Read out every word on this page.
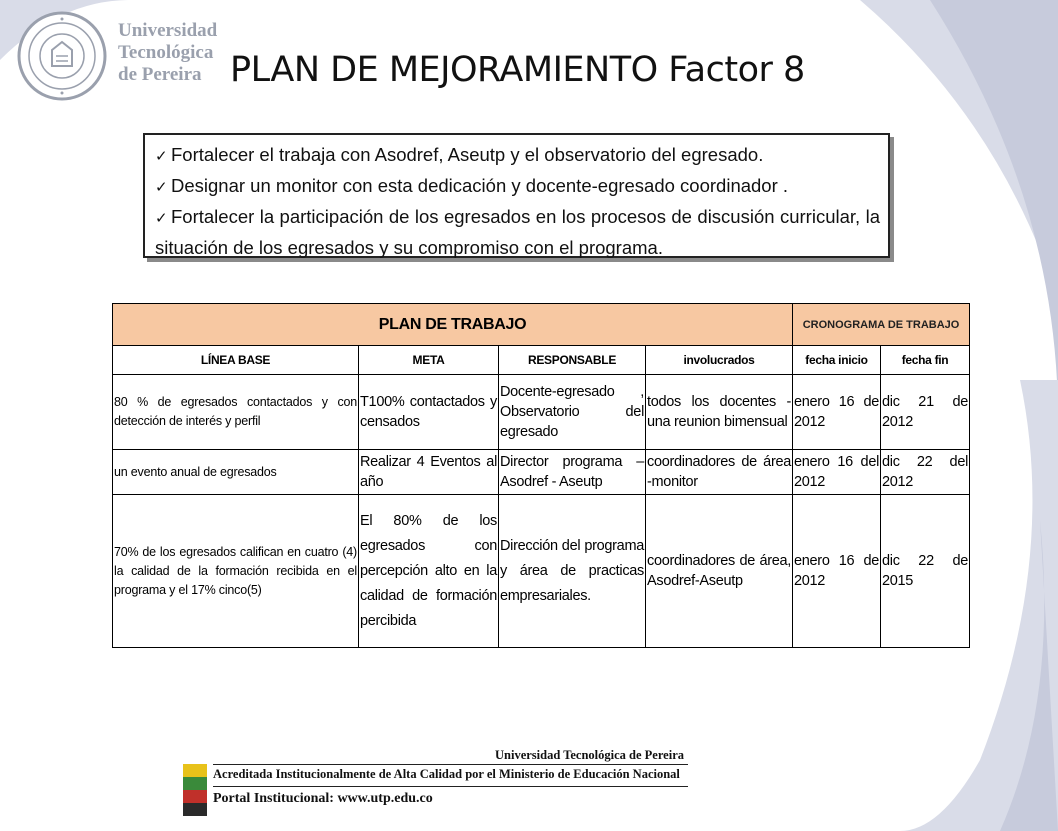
Universidad
Tecnológica
de Pereira PLAN DE MEJORAMIENTO Factor 8
✓ Fortalecer el trabaja con Asodref, Aseutp y el observatorio del egresado.
✓ Designar un monitor con esta dedicación y docente-egresado coordinador .
✓ Fortalecer la participación de los egresados en los procesos de discusión curricular, la situación de los egresados y su compromiso con el programa.
PLAN DE TRABAJO				CRONOGRAMA DE TRABAJO	
LÍNEA BASE	META	RESPONSABLE	involucrados	fecha inicio	fecha fin
80 % de egresados contactados y con detección de interés y perfil	T100% contactados y censados	Docente-egresado , Observatorio del egresado	todos los docentes - una reunion bimensual	enero 16 de 2012	dic 21 de 2012
un evento anual de egresados	Realizar 4 Eventos al año	Director programa – Asodref - Aseutp	coordinadores de área -monitor	enero 16 del 2012	dic 22 del 2012
70% de los egresados califican en cuatro (4) la calidad de la formación recibida en el programa y el 17% cinco(5)	El 80% de los egresados con percepción alto en la calidad de formación percibida	Dirección del programa y área de practicas empresariales.	coordinadores de área, Asodref-Aseutp	enero 16 de 2012	dic 22 de 2015
Universidad Tecnológica de Pereira
Acreditada Institucionalmente de Alta Calidad por el Ministerio de Educación Nacional
Portal Institucional: www.utp.edu.co
